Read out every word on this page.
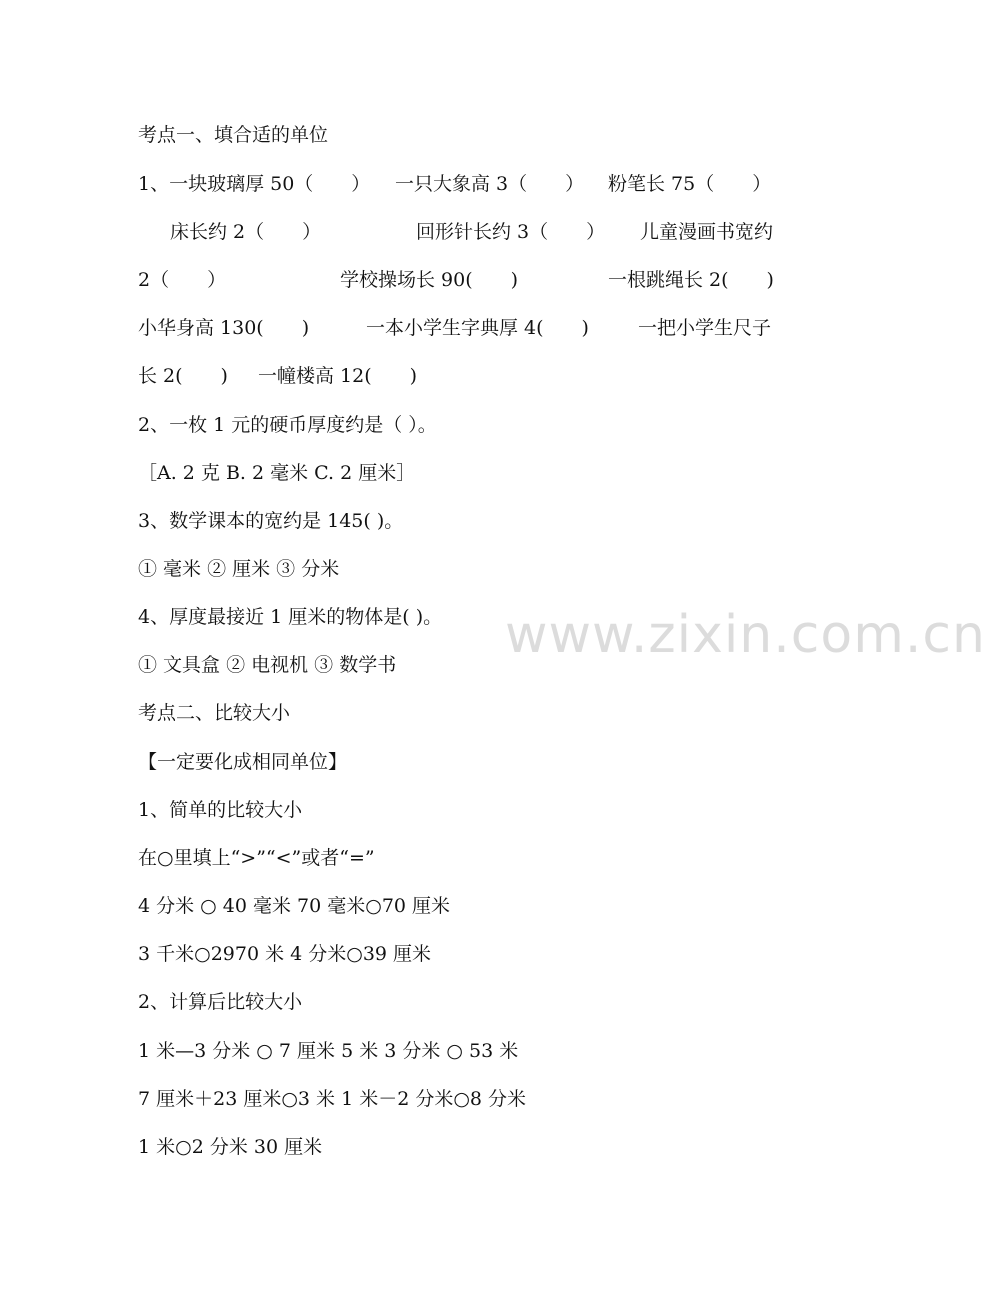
考点一、填合适的单位
1、一块玻璃厚 50（　　） 一只大象高 3（　　） 粉笔长 75（　　）
床长约 2（　　）	回形针长约 3（　　） 儿童漫画书宽约
2（　　）	学校操场长 90(　　)	一根跳绳长 2(　　)
小华身高 130(　　)	一本小学生字典厚 4(　　)	一把小学生尺子
长 2(　　) 一幢楼高 12(　　)
2、一枚 1 元的硬币厚度约是（ ）。
［A. 2 克 B. 2 毫米 C. 2 厘米］
3、数学课本的宽约是 145( )。
① 毫米 ② 厘米 ③ 分米
4、厚度最接近 1 厘米的物体是( )。
① 文具盒 ② 电视机 ③ 数学书
考点二、比较大小
【一定要化成相同单位】
1、简单的比较大小
在○里填上“>”“<”或者“=”
4 分米 ○ 40 毫米 70 毫米○70 厘米
3 千米○2970 米 4 分米○39 厘米
2、计算后比较大小
1 米—3 分米 ○ 7 厘米 5 米 3 分米 ○ 53 米
7 厘米＋23 厘米○3 米 1 米－2 分米○8 分米
1 米○2 分米 30 厘米
www.zixin.com.cn
